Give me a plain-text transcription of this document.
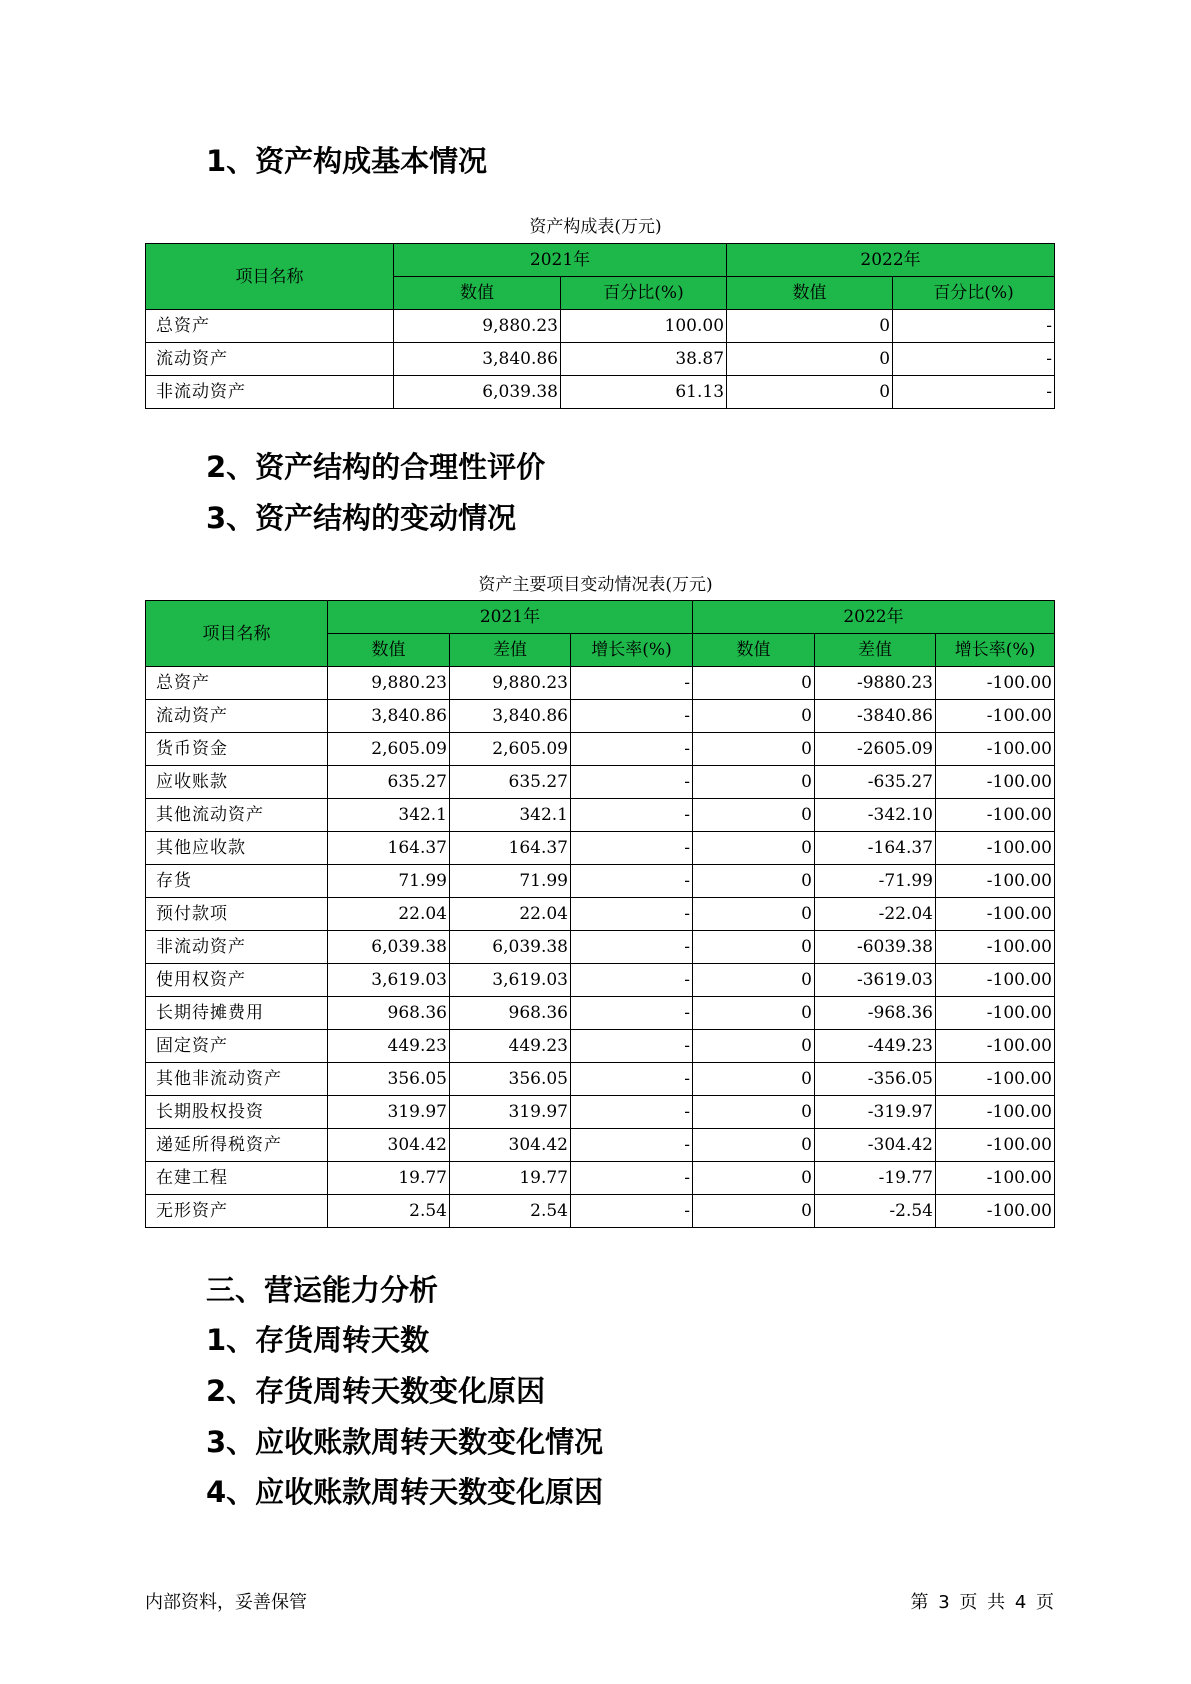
1、资产构成基本情况

资产构成表(万元)

项目名称	2021年		2022年	
	数值	百分比(%)	数值	百分比(%)
总资产	9,880.23	100.00	0	-
流动资产	3,840.86	38.87	0	-
非流动资产	6,039.38	61.13	0	-
2、资产结构的合理性评价
3、资产结构的变动情况

资产主要项目变动情况表(万元)

项目名称	2021年			2022年		
	数值	差值	增长率(%)	数值	差值	增长率(%)
总资产	9,880.23	9,880.23	-	0	-9880.23	-100.00
流动资产	3,840.86	3,840.86	-	0	-3840.86	-100.00
货币资金	2,605.09	2,605.09	-	0	-2605.09	-100.00
应收账款	635.27	635.27	-	0	-635.27	-100.00
其他流动资产	342.1	342.1	-	0	-342.10	-100.00
其他应收款	164.37	164.37	-	0	-164.37	-100.00
存货	71.99	71.99	-	0	-71.99	-100.00
预付款项	22.04	22.04	-	0	-22.04	-100.00
非流动资产	6,039.38	6,039.38	-	0	-6039.38	-100.00
使用权资产	3,619.03	3,619.03	-	0	-3619.03	-100.00
长期待摊费用	968.36	968.36	-	0	-968.36	-100.00
固定资产	449.23	449.23	-	0	-449.23	-100.00
其他非流动资产	356.05	356.05	-	0	-356.05	-100.00
长期股权投资	319.97	319.97	-	0	-319.97	-100.00
递延所得税资产	304.42	304.42	-	0	-304.42	-100.00
在建工程	19.77	19.77	-	0	-19.77	-100.00
无形资产	2.54	2.54	-	0	-2.54	-100.00
三、营运能力分析
1、存货周转天数
2、存货周转天数变化原因
3、应收账款周转天数变化情况
4、应收账款周转天数变化原因
内部资料，妥善保管	第 3 页 共 4 页
